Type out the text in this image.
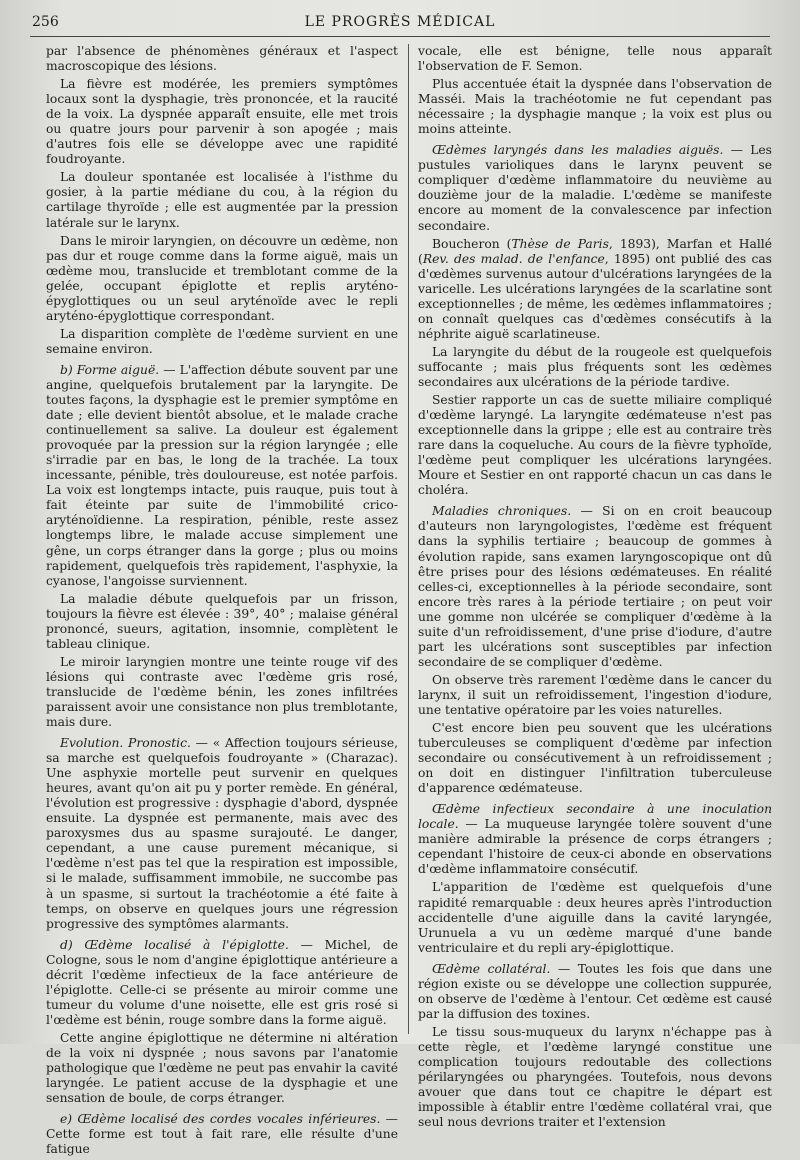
256	LE PROGRÈS MÉDICAL

par l'absence de phénomènes généraux et l'aspect macroscopique des lésions.

La fièvre est modérée, les premiers symptômes locaux sont la dysphagie, très prononcée, et la raucité de la voix. La dyspnée apparaît ensuite, elle met trois ou quatre jours pour parvenir à son apogée ; mais d'autres fois elle se développe avec une rapidité foudroyante.

La douleur spontanée est localisée à l'isthme du gosier, à la partie médiane du cou, à la région du cartilage thyroïde ; elle est augmentée par la pression latérale sur le larynx.

Dans le miroir laryngien, on découvre un œdème, non pas dur et rouge comme dans la forme aiguë, mais un œdème mou, translucide et tremblotant comme de la gelée, occupant épiglotte et replis aryténo-épyglottiques ou un seul aryténoïde avec le repli aryténo-épyglottique correspondant.

La disparition complète de l'œdème survient en une semaine environ.

b) Forme aiguë. — L'affection débute souvent par une angine, quelquefois brutalement par la laryngite. De toutes façons, la dysphagie est le premier symptôme en date ; elle devient bientôt absolue, et le malade crache continuellement sa salive. La douleur est également provoquée par la pression sur la région laryngée ; elle s'irradie par en bas, le long de la trachée. La toux incessante, pénible, très douloureuse, est notée parfois. La voix est longtemps intacte, puis rauque, puis tout à fait éteinte par suite de l'immobilité crico-aryténoïdienne. La respiration, pénible, reste assez longtemps libre, le malade accuse simplement une gêne, un corps étranger dans la gorge ; plus ou moins rapidement, quelquefois très rapidement, l'asphyxie, la cyanose, l'angoisse surviennent.

La maladie débute quelquefois par un frisson, toujours la fièvre est élevée : 39°, 40° ; malaise général prononcé, sueurs, agitation, insomnie, complètent le tableau clinique.

Le miroir laryngien montre une teinte rouge vif des lésions qui contraste avec l'œdème gris rosé, translucide de l'œdème bénin, les zones infiltrées paraissent avoir une consistance non plus tremblotante, mais dure.

Evolution. Pronostic. — « Affection toujours sérieuse, sa marche est quelquefois foudroyante » (Charazac). Une asphyxie mortelle peut survenir en quelques heures, avant qu'on ait pu y porter remède. En général, l'évolution est progressive : dysphagie d'abord, dyspnée ensuite. La dyspnée est permanente, mais avec des paroxysmes dus au spasme surajouté. Le danger, cependant, a une cause purement mécanique, si l'œdème n'est pas tel que la respiration est impossible, si le malade, suffisamment immobile, ne succombe pas à un spasme, si surtout la trachéotomie a été faite à temps, on observe en quelques jours une régression progressive des symptômes alarmants.

d) Œdème localisé à l'épiglotte. — Michel, de Cologne, sous le nom d'angine épiglottique antérieure a décrit l'œdème infectieux de la face antérieure de l'épiglotte. Celle-ci se présente au miroir comme une tumeur du volume d'une noisette, elle est gris rosé si l'œdème est bénin, rouge sombre dans la forme aiguë.

Cette angine épiglottique ne détermine ni altération de la voix ni dyspnée ; nous savons par l'anatomie pathologique que l'œdème ne peut pas envahir la cavité laryngée. Le patient accuse de la dysphagie et une sensation de boule, de corps étranger.

e) Œdème localisé des cordes vocales inférieures. — Cette forme est tout à fait rare, elle résulte d'une fatigue

vocale, elle est bénigne, telle nous apparaît l'observation de F. Semon.

Plus accentuée était la dyspnée dans l'observation de Masséi. Mais la trachéotomie ne fut cependant pas nécessaire ; la dysphagie manque ; la voix est plus ou moins atteinte.

Œdèmes laryngés dans les maladies aiguës. — Les pustules varioliques dans le larynx peuvent se compliquer d'œdème inflammatoire du neuvième au douzième jour de la maladie. L'œdème se manifeste encore au moment de la convalescence par infection secondaire.

Boucheron (Thèse de Paris, 1893), Marfan et Hallé (Rev. des malad. de l'enfance, 1895) ont publié des cas d'œdèmes survenus autour d'ulcérations laryngées de la varicelle. Les ulcérations laryngées de la scarlatine sont exceptionnelles ; de même, les œdèmes inflammatoires ; on connaît quelques cas d'œdèmes consécutifs à la néphrite aiguë scarlatineuse.

La laryngite du début de la rougeole est quelquefois suffocante ; mais plus fréquents sont les œdèmes secondaires aux ulcérations de la période tardive.

Sestier rapporte un cas de suette miliaire compliqué d'œdème laryngé. La laryngite œdémateuse n'est pas exceptionnelle dans la grippe ; elle est au contraire très rare dans la coqueluche. Au cours de la fièvre typhoïde, l'œdème peut compliquer les ulcérations laryngées. Moure et Sestier en ont rapporté chacun un cas dans le choléra.

Maladies chroniques. — Si on en croit beaucoup d'auteurs non laryngologistes, l'œdème est fréquent dans la syphilis tertiaire ; beaucoup de gommes à évolution rapide, sans examen laryngoscopique ont dû être prises pour des lésions œdémateuses. En réalité celles-ci, exceptionnelles à la période secondaire, sont encore très rares à la période tertiaire ; on peut voir une gomme non ulcérée se compliquer d'œdème à la suite d'un refroidissement, d'une prise d'iodure, d'autre part les ulcérations sont susceptibles par infection secondaire de se compliquer d'œdème.

On observe très rarement l'œdème dans le cancer du larynx, il suit un refroidissement, l'ingestion d'iodure, une tentative opératoire par les voies naturelles.

C'est encore bien peu souvent que les ulcérations tuberculeuses se compliquent d'œdème par infection secondaire ou consécutivement à un refroidissement ; on doit en distinguer l'infiltration tuberculeuse d'apparence œdémateuse.

Œdème infectieux secondaire à une inoculation locale. — La muqueuse laryngée tolère souvent d'une manière admirable la présence de corps étrangers ; cependant l'histoire de ceux-ci abonde en observations d'œdème inflammatoire consécutif.

L'apparition de l'œdème est quelquefois d'une rapidité remarquable : deux heures après l'introduction accidentelle d'une aiguille dans la cavité laryngée, Urunuela a vu un œdème marqué d'une bande ventriculaire et du repli ary-épiglottique.

Œdème collatéral. — Toutes les fois que dans une région existe ou se développe une collection suppurée, on observe de l'œdème à l'entour. Cet œdème est causé par la diffusion des toxines.

Le tissu sous-muqueux du larynx n'échappe pas à cette règle, et l'œdème laryngé constitue une complication toujours redoutable des collections périlaryngées ou pharyngées. Toutefois, nous devons avouer que dans tout ce chapitre le départ est impossible à établir entre l'œdème collatéral vrai, que seul nous devrions traiter et l'extension
